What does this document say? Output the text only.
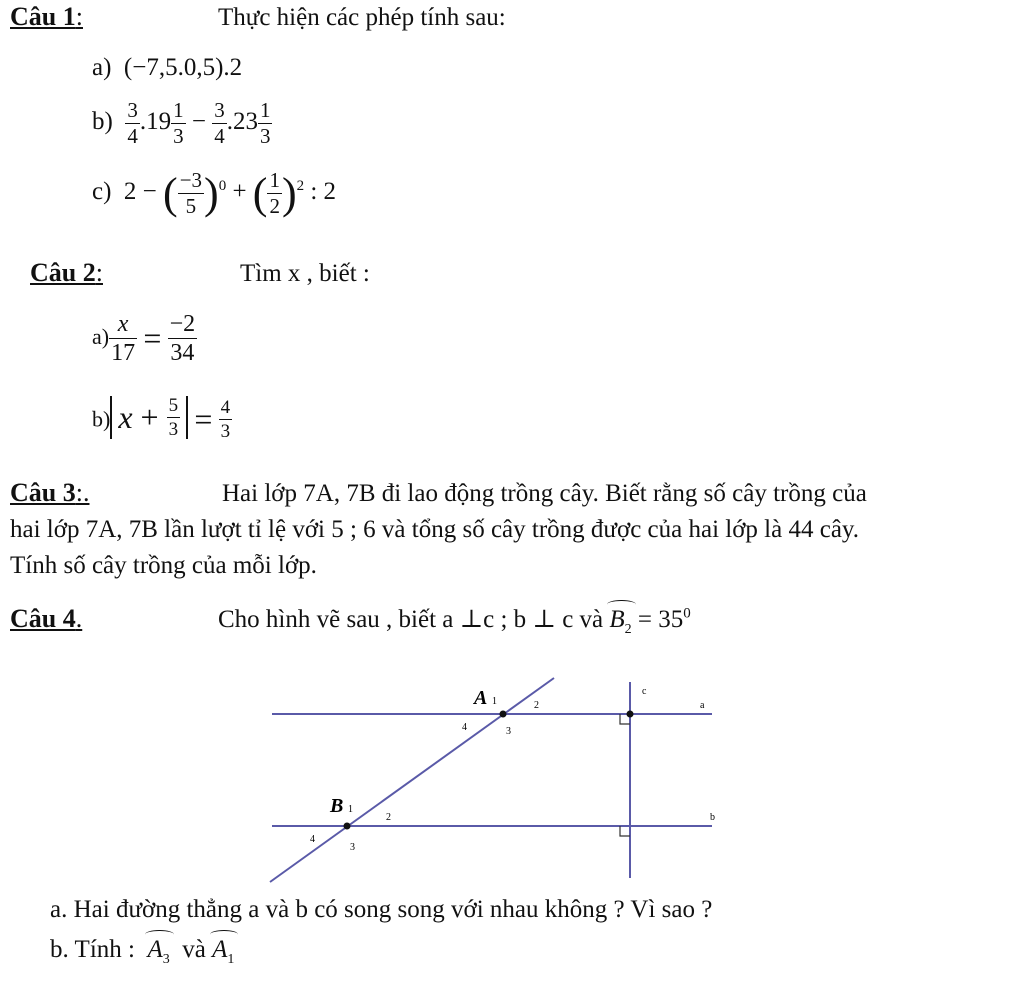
Câu 1:	Thực hiện các phép tính sau:
a) (−7,5.0,5).2
$b) \frac{3}{4} .19 \frac{1}{3} - \frac{3}{4} .23 \frac{1}{3}$
c) 2 − ( $\frac{-3}{5} )^0$ + ( $\frac{1}{2} )^2$ : 2
Câu 2:	Tìm x , biết :
$a) \frac{x}{17} = \frac{-2}{34}$
b) $x + \frac{5}{3} = \frac{4}{3}$
Câu 3:.	Hai lớp 7A, 7B đi lao động trồng cây. Biết rằng số cây trồng của
hai lớp 7A, 7B lần lượt tỉ lệ với 5 ; 6 và tổng số cây trồng được của hai lớp là 44 cây.
Tính số cây trồng của mỗi lớp.
Câu 4.	Cho hình vẽ sau , biết a ⊥c ; b ⊥ c và $B_2 = 35^0$
A 1	2
3
4
B 1
2
3
4
a
b
c
a. Hai đường thẳng a và b có song song với nhau không ? Vì sao ?
b. Tính : $A_3$ và $A_1$
